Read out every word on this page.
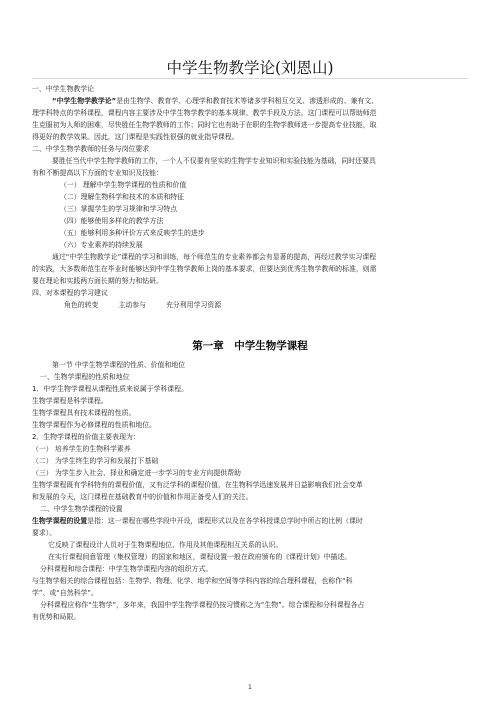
中学生物教学论(刘恩山)
一、中学生物教学论
“中学生物学教学论”是由生物学、教育学、心理学和教育技术等诸多学科相互交叉、渗透形成的、兼有文、
理学科特点的学科课程，课程内容主要涉及中学生物学教学的基本规律、教学手段及方法。这门课程可以帮助师范
生克服初为人师的困难，尽快胜任生物学教师的工作；同时它也有助于在职的生物学教师进一步提高专业技能，取
得更好的教学效果。因此，这门课程是实践性很强的就业指导课程。
二、中学生物学教师的任务与岗位要求
要胜任当代中学生物学教师的工作，一个人不仅要有坚实的生物学专业知识和实验技能为基础，同时还要具
有和不断提高以下方面的专业知识及技能：
（一） 理解中学生物学课程的性质和价值
（二）理解生物科学和技术的本质和特征
（三）掌握学生的学习规律和学习特点
（四）能够使用多样化的教学方法
（五）能够利用多种评价方式来反映学生的进步
（六）专业素养的持续发展
通过“中学生物教学论”课程的学习和训练，每个师范生的专业素养都会有显著的提高，再经过教学实习课程
的实践，大多数师范生在毕业时能够达到中学生物学教师上岗的基本要求，但要达到优秀生物学教师的标准，则需
要在理论和实践两方面长期的努力和钻研。
四、对本课程的学习建议
角色的转变	主动参与	充分利用学习资源
第一章　中学生物学课程
第一节 中学生物学课程的性质、价值和地位
一、生物学课程的性质和地位
1．中学生物学课程从课程性质来说属于学科课程。
生物学课程是科学课程。
生物学课程具有技术课程的性质。
生物学课程作为必修课程的性质和地位。
2．生物学课程的价值主要表现为：
（一） 培养学生的生物科学素养
（二） 为学生终生的学习和发展打下基础
（三） 为学生步入社会、择业和确定进一步学习的专业方向提供帮助
生物学课程既有学科特有的课程价值，又有泛学科的课程价值，在生物科学迅速发展并日益影响我们社会变革
和发展的今天，这门课程在基础教育中的价值和作用正备受人们的关注。
二、中学生物学课程的设置
生物学课程的设置是指：这一课程在哪些学段中开设，课程形式以及在各学科授课总学时中所占的比例（课时
要求）。
它反映了课程设计人员对于生物课程地位、作用及其他课程相互关系的认识。
在实行课程间意管理（集权管理）的国家和地区，课程设置一般在政府颁布的《课程计划》中描述。
分科课程和综合课程：中学生物学课程内容的组织方式。
与生物学相关的综合课程包括：生物学、物理、化学、地学和空间等学科内容的综合理科课程，也称作“科
学”、或“自然科学”。
分科课程应称作“生物学”，多年来，我国中学生物学课程仍按习惯称之为“生物”。综合课程和分科课程各占
有优势和局限。
1
